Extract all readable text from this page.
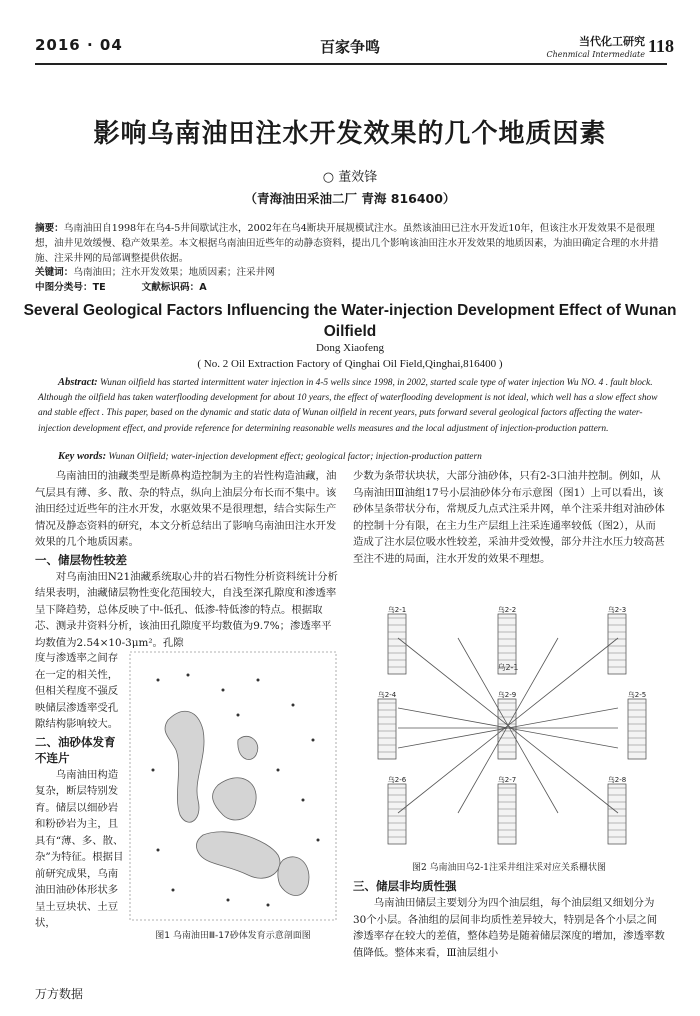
2016 · 04	百家争鸣	当代化工研究
Chenmical Intermediate 118
影响乌南油田注水开发效果的几个地质因素
○ 董效锋
（青海油田采油二厂 青海 816400）
摘要：乌南油田自1998年在乌4-5井间歇试注水，2002年在乌4断块开展规模试注水。虽然该油田已注水开发近10年，但该注水开发效果不是很理想，油井见效缓慢、稳产效果差。本文根据乌南油田近些年的动静态资料，提出几个影响该油田注水开发效果的地质因素，为油田确定合理的水井措施、注采井网的局部调整提供依据。
关键词：乌南油田；注水开发效果；地质因素；注采井网
中图分类号：TE	文献标识码：A
Several Geological Factors Influencing the Water-injection Development Effect of Wunan Oilfield
Dong Xiaofeng
( No. 2 Oil Extraction Factory of Qinghai Oil Field,Qinghai,816400 )
Abstract: Wunan oilfield has started intermittent water injection in 4-5 wells since 1998, in 2002, started scale type of water injection Wu NO. 4 . fault block. Although the oilfield has taken waterflooding development for about 10 years, the effect of waterflooding development is not ideal, which well has a slow effect show and stable effect . This paper, based on the dynamic and static data of Wunan oilfield in recent years, puts forward several geological factors affecting the water-injection development effect, and provide reference for determining reasonable wells measures and the local adjustment of injection-production pattern.
Key words: Wunan Oilfield; water-injection development effect; geological factor; injection-production pattern

乌南油田的油藏类型是断鼻构造控制为主的岩性构造油藏，油气层具有薄、多、散、杂的特点，纵向上油层分布长而不集中。该油田经过近些年的注水开发，水驱效果不是很理想，结合实际生产情况及静态资料的研究，本文分析总结出了影响乌南油田注水开发效果的几个地质因素。

一、储层物性较差

对乌南油田N21油藏系统取心井的岩石物性分析资料统计分析结果表明，油藏储层物性变化范围较大，自浅至深孔隙度和渗透率呈下降趋势，总体反映了中-低孔、低渗-特低渗的特点。根据取芯、测录井资料分析，该油田孔隙度平均数值为9.7%；渗透率平均数值为2.54×10-3μm²。孔隙

度与渗透率之间存在一定的相关性，但相关程度不强反映储层渗透率受孔隙结构影响较大。

二、油砂体发育
不连片

乌南油田构造复杂，断层特别发育。储层以细砂岩和粉砂岩为主，且具有“薄、多、散、杂”为特征。根据目前研究成果，乌南油田油砂体形状多呈土豆块状、土豆状，

图1 乌南油田Ⅲ-17砂体发育示意剖面图

少数为条带状块状，大部分油砂体，只有2-3口油井控制。例如，从乌南油田Ⅲ油组17号小层油砂体分布示意图（图1）上可以看出，该砂体呈条带状分布，常规反九点式注采井网，单个注采井组对油砂体的控制十分有限，在主力生产层组上注采连通率较低（图2），从而造成了注水层位吸水性较差，采油井受效慢，部分井注水压力较高甚至注不进的局面，注水开发的效果不理想。

乌2-1	乌2-2	乌2-3
乌2-4	乌2-5
乌2-6	乌2-7	乌2-8
乌2-9
乌2-1
图2 乌南油田乌2-1注采井组注采对应关系栅状图
三、储层非均质性强

乌南油田储层主要划分为四个油层组，每个油层组又细划分为30个小层。各油组的层间非均质性差异较大，特别是各个小层之间渗透率存在较大的差值，整体趋势是随着储层深度的增加，渗透率数值降低。整体来看，Ⅲ油层组小

万方数据
